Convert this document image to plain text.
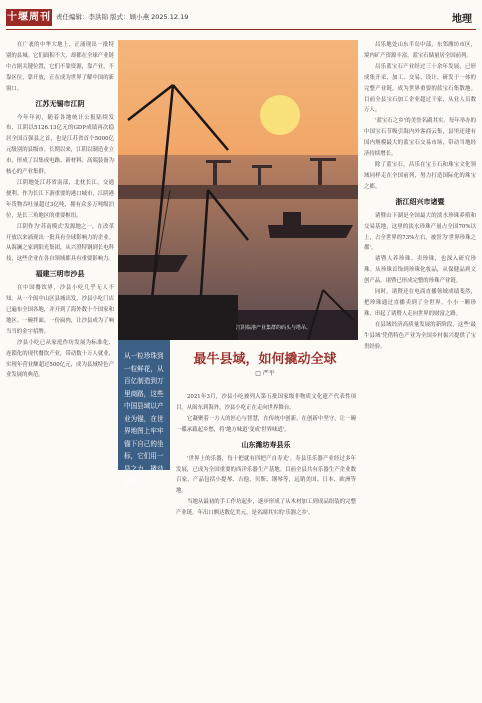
十堰周刊 责任编辑：李洪锦 版式：顾小燕 2025.12.19	地理

在广袤的中华大地上，正涌现出一批特别的县城。它们面积不大，却都在全球产业链中占据关键位置，它们不靠资源，靠产业，不靠区位，靠开放，正在成为世界了解中国的新窗口。

江苏无锡市江阴

今年年初，随着各地统计公报陆续发布，江阴以5126.13亿元的GDP成绩再次稳居全国百强县之首，也是江苏省首个5000亿元级别的县级市。长期以来，江阴以制造业立市，形成了以集成电路、新材料、高端装备为核心的产业集群。

江阴地处江苏省南部，北枕长江，交通便利。作为长江下游重要的港口城市，江阴港年货物吞吐量超过3亿吨，拥有众多万吨级泊位，是长三角地区的重要枢纽。

江阴作为'苏南模式'发源地之一，在改革开放以来涌现出一批具有全球影响力的企业。从海澜之家到阳光集团，从兴澄特钢到长电科技，这些企业在各自领域都具有重要影响力。

福建三明市沙县

在中国餐饮界，沙县小吃几乎无人不知。从一个闽中山区县城出发，沙县小吃门店已遍布全国各地，并开到了海外数十个国家和地区。一碗拌面、一份扁肉，让沙县成为了响当当的金字招牌。

沙县小吃已从家庭作坊发展为标准化、连锁化的现代餐饮产业，带动数十万人就业，实现年营业额超过500亿元，成为县域特色产业发展的典范。

江阴临港产业集群的码头与塔吊。
从一粒珍珠到一粒鲜花，从百亿制造到万里商路，这些中国县域以产业为锚，在世界地图上牢牢锚下自己的坐标，它们用一县之力，撬动全球
最牛县域，如何撬动全球
□ 严平

2021年3月，沙县小吃被列入第五批国家级非物质文化遗产代表性项目。从闽东到海外，沙县小吃正在走向世界舞台。

它凝聚着一方人的匠心与智慧，在传统中创新，在创新中坚守，让一碗一碟承载起乡愁，将'地方味道'变成'世界味道'。

山东潍坊寿县乐

'世界上的乐器，每十把就有四把产自寿光'。寿县乐乐器产业经过多年发展，已成为全国重要的西洋乐器生产基地。目前全县共有乐器生产企业数百家，产品包括小提琴、吉他、贝斯、钢琴等，远销美国、日本、欧洲等地。

当地从最初的手工作坊起步，逐步形成了从木材加工到成品组装的完整产业链，年出口额达数亿美元，是名副其实的'乐器之乡'。

昌乐地处山东半岛中部，东邻潍坊市区，境内矿产资源丰富，蓝宝石储量居全国前列。

昌乐蓝宝石产业经过三十余年发展，已形成集开采、加工、交易、设计、研发于一体的完整产业链，成为世界重要的蓝宝石集散地。目前全县宝石加工企业超过千家，从业人员数万人。

'蓝宝石之乡'的美誉名副其实。每年举办的中国宝石节吸引海内外客商云集，县里还建有国内规模最大的蓝宝石交易市场，带动当地经济持续增长。

除了蓝宝石，昌乐在宝玉石和珠宝文化领域同样走在全国前列，努力打造国际化的珠宝之都。

浙江绍兴市诸暨

诸暨山下湖是全国最大的淡水珍珠养殖和交易基地，这里的淡水珍珠产量占全国70%以上，占全世界的73%左右，被誉为'世界珍珠之都'。

诸暨人养珍珠、卖珍珠，也深入研究珍珠。从珍珠首饰到珍珠化妆品，从保健品到文创产品，诸暨已形成完整的珍珠产业链。

同时，诸暨还在电商直播领域成绩斐然，把珍珠通过直播卖到了全世界。小小一颗珍珠，串起了诸暨人走向世界的财富之路。

在县域经济高质量发展的新阶段，这些'最牛县域'凭借特色产业为全国乡村振兴提供了宝贵经验。
